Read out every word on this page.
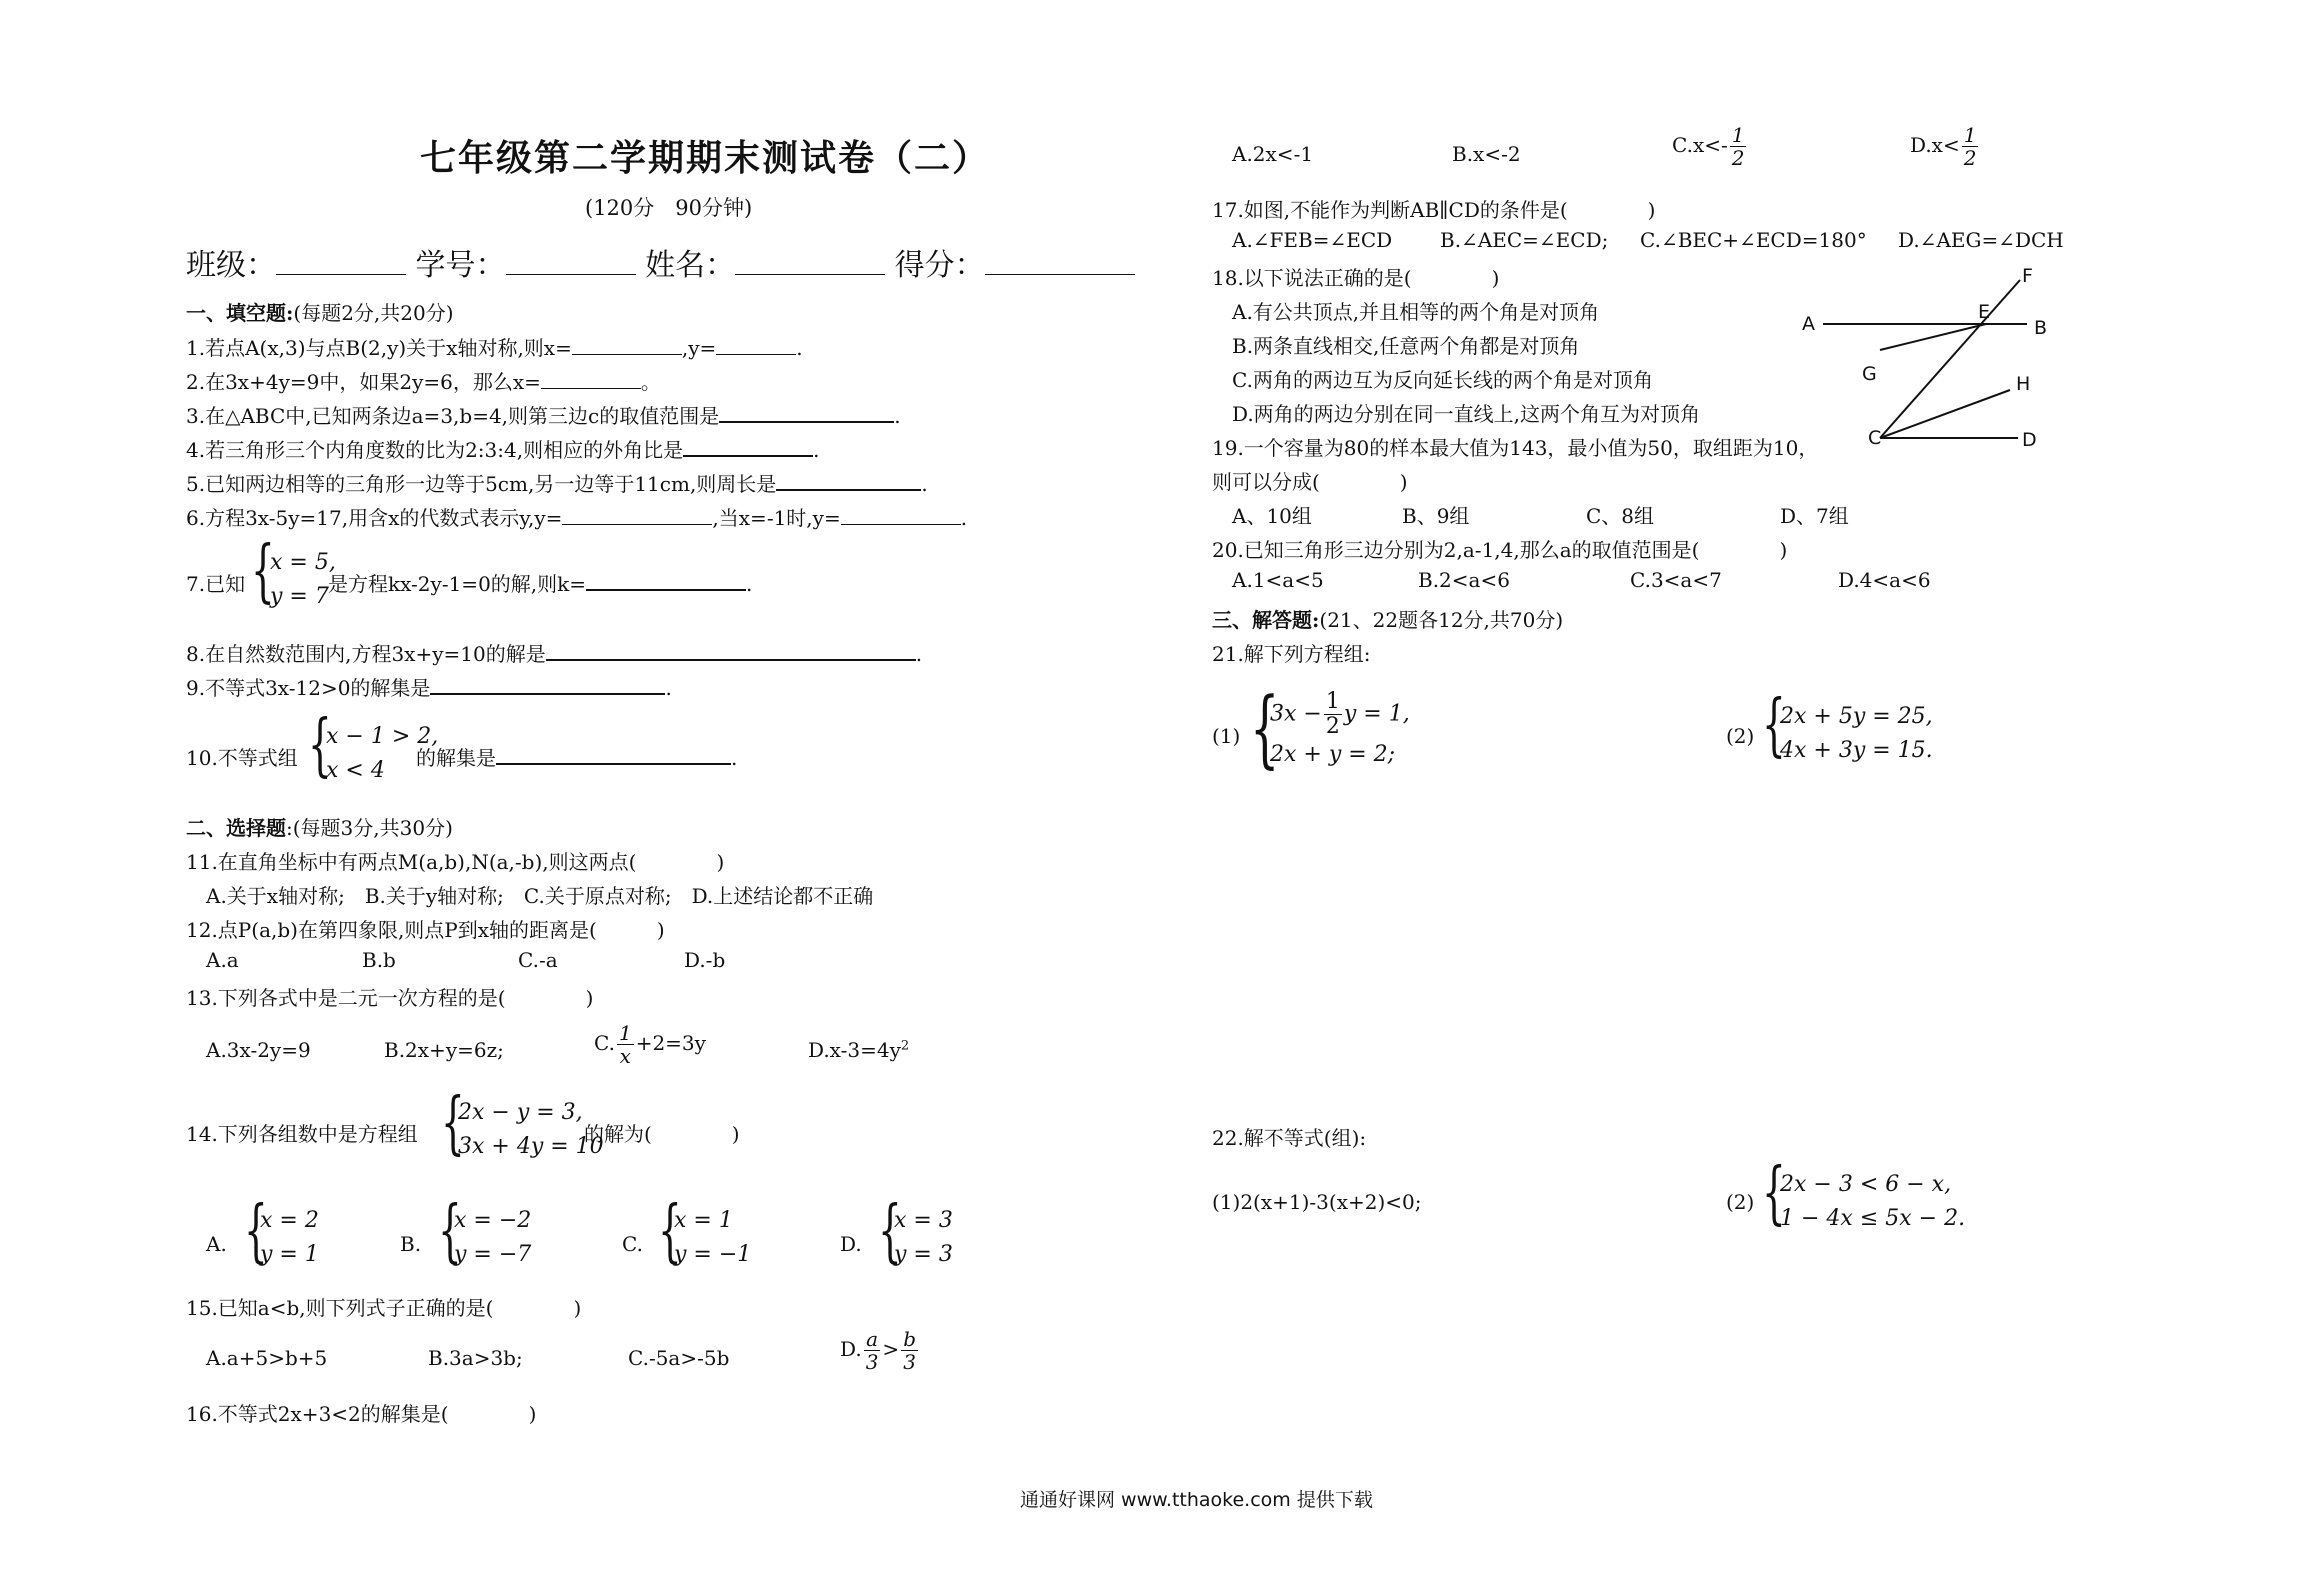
七年级第二学期期末测试卷（二）
(120分　90分钟)
班级：	学号：	姓名：	得分：
一、填空题:(每题2分,共20分)
1.若点A(x,3)与点B(2,y)关于x轴对称,则x=	,y=	.
2.在3x+4y=9中，如果2y=6，那么x=	。
3.在△ABC中,已知两条边a=3,b=4,则第三边c的取值范围是	.
4.若三角形三个内角度数的比为2:3:4,则相应的外角比是	.
5.已知两边相等的三角形一边等于5cm,另一边等于11cm,则周长是	.
6.方程3x-5y=17,用含x的代数式表示y,y=	,当x=-1时,y=	.
7.已知 {
x = 5,
y = 7
是方程kx-2y-1=0的解,则k=	.
8.在自然数范围内,方程3x+y=10的解是	.
9.不等式3x-12>0的解集是	.
10.不等式组 {
x − 1 > 2,
x < 4
的解集是	.
二、选择题:(每题3分,共30分)
11.在直角坐标中有两点M(a,b),N(a,-b),则这两点(　　　　)
A.关于x轴对称;　B.关于y轴对称;　C.关于原点对称;　D.上述结论都不正确
12.点P(a,b)在第四象限,则点P到x轴的距离是(　　　)
A.a	B.b	C.-a	D.-b
13.下列各式中是二元一次方程的是(　　　　)
A.3x-2y=9	B.2x+y=6z;	C. $\frac{1}{x} +2=3y$	$D.x-3=4y^2$
14.下列各组数中是方程组 {
2x − y = 3,
3x + 4y = 10
的解为(　　　　)
A. {
x = 2
y = 1	B. {
x = −2
y = −7	C. {
x = 1
y = −1	D. {
x = 3
y = 3
15.已知a<b,则下列式子正确的是(　　　　)
A.a+5>b+5	B.3a>3b;	C.-5a>-5b	D. $\frac{a}{3} > \frac{b}{3}$
16.不等式2x+3<2的解集是(　　　　)
A.2x<-1	B.x<-2	$C.x<- \frac{1}{2}$	$D.x< \frac{1}{2}$
17.如图,不能作为判断AB∥CD的条件是(　　　　)
A.∠FEB=∠ECD B.∠AEC=∠ECD; C.∠BEC+∠ECD=180° D.∠AEG=∠DCH
18.以下说法正确的是(　　　　)
A.有公共顶点,并且相等的两个角是对顶角
B.两条直线相交,任意两个角都是对顶角
C.两角的两边互为反向延长线的两个角是对顶角
D.两角的两边分别在同一直线上,这两个角互为对顶角
19.一个容量为80的样本最大值为143，最小值为50，取组距为10，
则可以分成(　　　　)
A	B
E
F
G
C
H
D
A、10组	B、9组	C、8组	D、7组
20.已知三角形三边分别为2,a-1,4,那么a的取值范围是(　　　　)
A.1<a<5	B.2<a<6	C.3<a<7	D.4<a<6
三、解答题:(21、22题各12分,共70分)
21.解下列方程组:
(1) {
$3x - \frac{1}{2}$ y = 1,
2x + y = 2;
(2) {
2x + 5y = 25,
4x + 3y = 15.
22.解不等式(组):
(1)2(x+1)-3(x+2)<0;	(2) {
2x − 3 < 6 − x,
1 − 4x ≤ 5x − 2.
通通好课网 www.tthaoke.com 提供下载
